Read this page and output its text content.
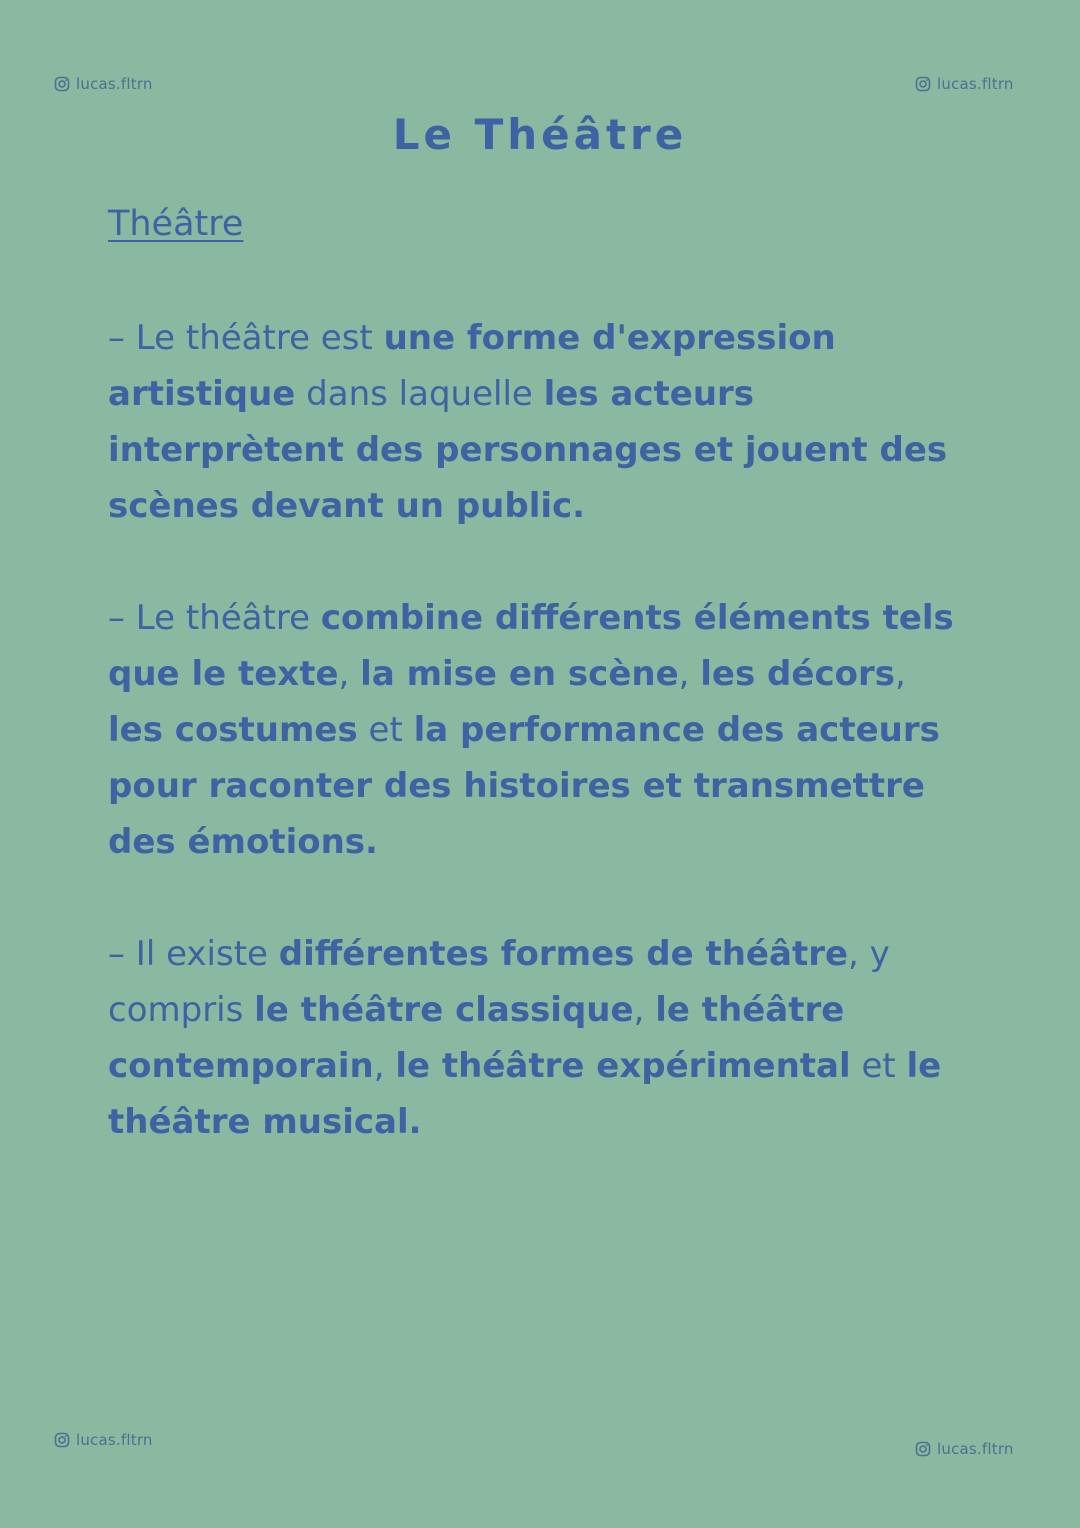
lucas.fltrn	lucas.fltrn
lucas.fltrn	lucas.fltrn
Le Théâtre
Théâtre

– Le théâtre est une forme d'expression artistique dans laquelle les acteurs interprètent des personnages et jouent des scènes devant un public.

– Le théâtre combine différents éléments tels que le texte, la mise en scène, les décors, les costumes et la performance des acteurs pour raconter des histoires et transmettre des émotions.

– Il existe différentes formes de théâtre, y compris le théâtre classique, le théâtre contemporain, le théâtre expérimental et le théâtre musical.
